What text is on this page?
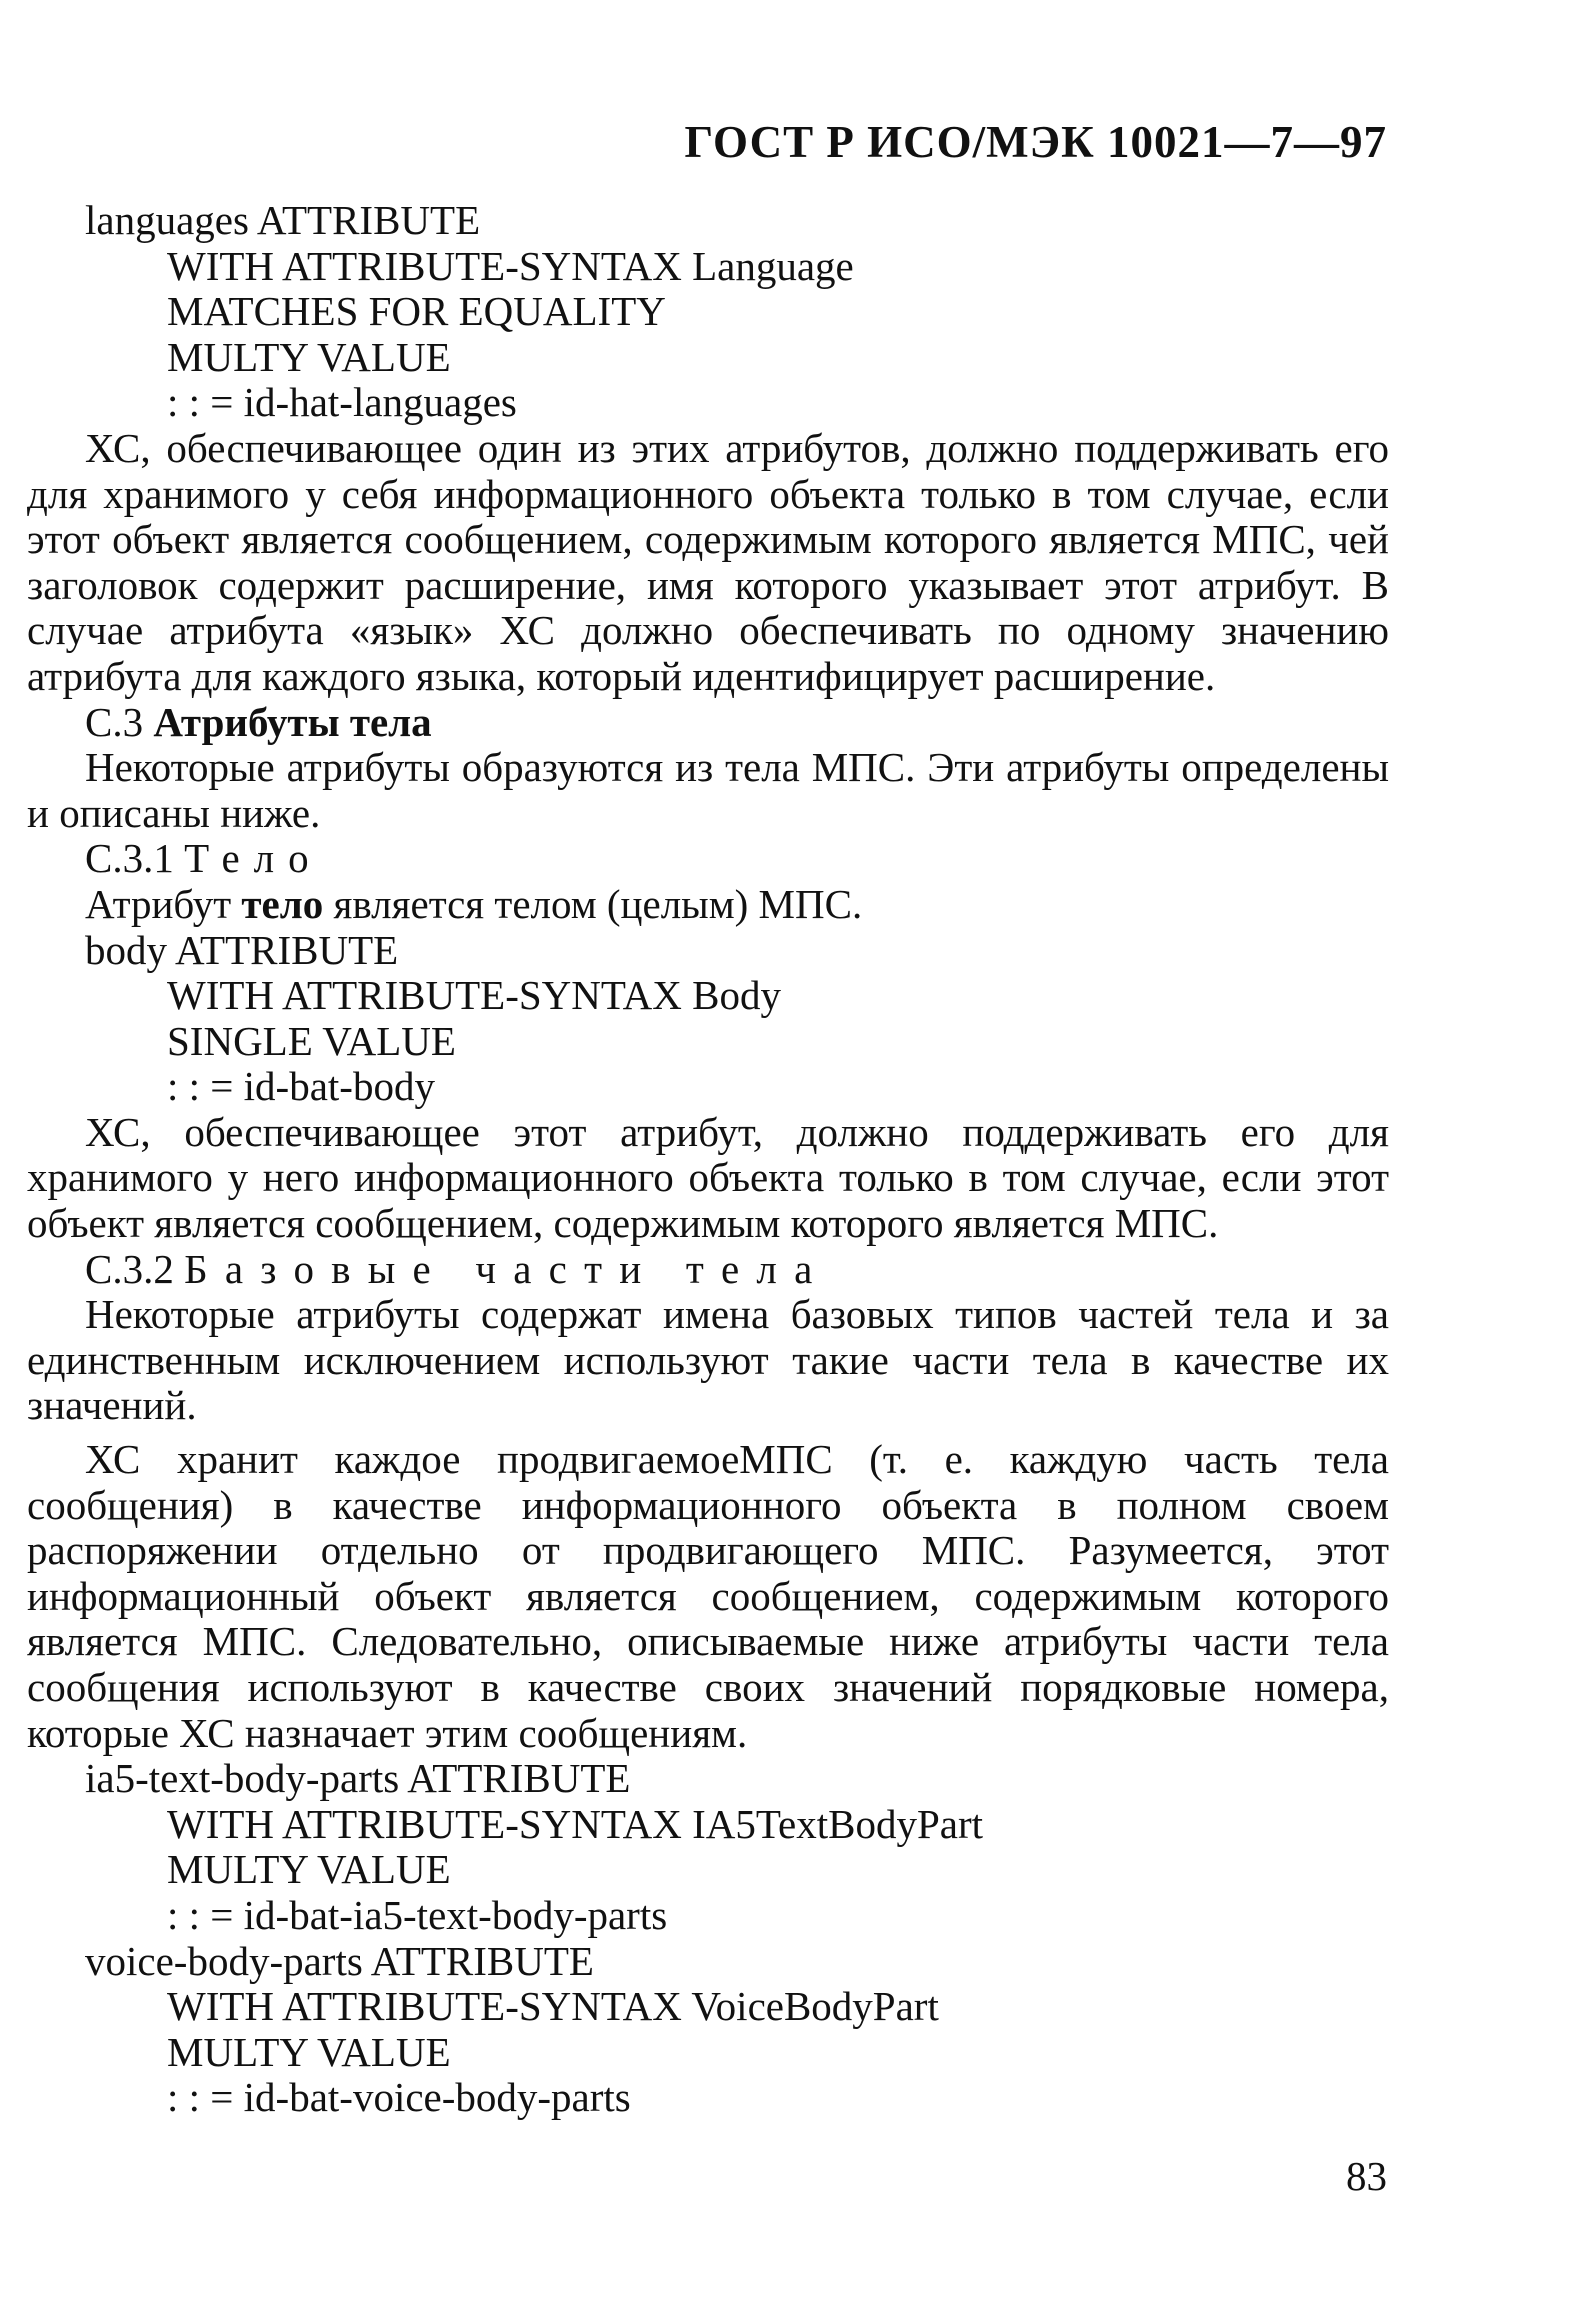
ГОСТ Р ИСО/МЭК 10021—7—97
languages ATTRIBUTE
WITH ATTRIBUTE-SYNTAX Language
MATCHES FOR EQUALITY
MULTY VALUE
: : = id-hat-languages

ХС, обеспечивающее один из этих атрибутов, должно поддерживать его для хранимого у себя информационного объекта только в том случае, если этот объект является сообщением, содержимым которого является МПС, чей заголовок содержит расширение, имя которого указывает этот атрибут. В случае атрибута «язык» ХС должно обеспечивать по одному значению атрибута для каждого языка, который идентифицирует расширение.

С.3 Атрибуты тела

Некоторые атрибуты образуются из тела МПС. Эти атрибуты определены и описаны ниже.

С.3.1 Тело

Атрибут тело является телом (целым) МПС.

body ATTRIBUTE
WITH ATTRIBUTE-SYNTAX Body
SINGLE VALUE
: : = id-bat-body

ХС, обеспечивающее этот атрибут, должно поддерживать его для хранимого у него информационного объекта только в том случае, если этот объект является сообщением, содержимым которого является МПС.

С.3.2 Базовые части тела

Некоторые атрибуты содержат имена базовых типов частей тела и за единственным исключением используют такие части тела в качестве их значений.

ХС хранит каждое продвигаемоеМПС (т. е. каждую часть тела сообщения) в качестве информационного объекта в полном своем распоряжении отдельно от продвигающего МПС. Разумеется, этот информационный объект является сообщением, содержимым которого является МПС. Следовательно, описываемые ниже атрибуты части тела сообщения используют в качестве своих значений порядковые номера, которые ХС назначает этим сообщениям.

ia5-text-body-parts ATTRIBUTE
WITH ATTRIBUTE-SYNTAX IA5TextBodyPart
MULTY VALUE
: : = id-bat-ia5-text-body-parts
voice-body-parts ATTRIBUTE
WITH ATTRIBUTE-SYNTAX VoiceBodyPart
MULTY VALUE
: : = id-bat-voice-body-parts
83
